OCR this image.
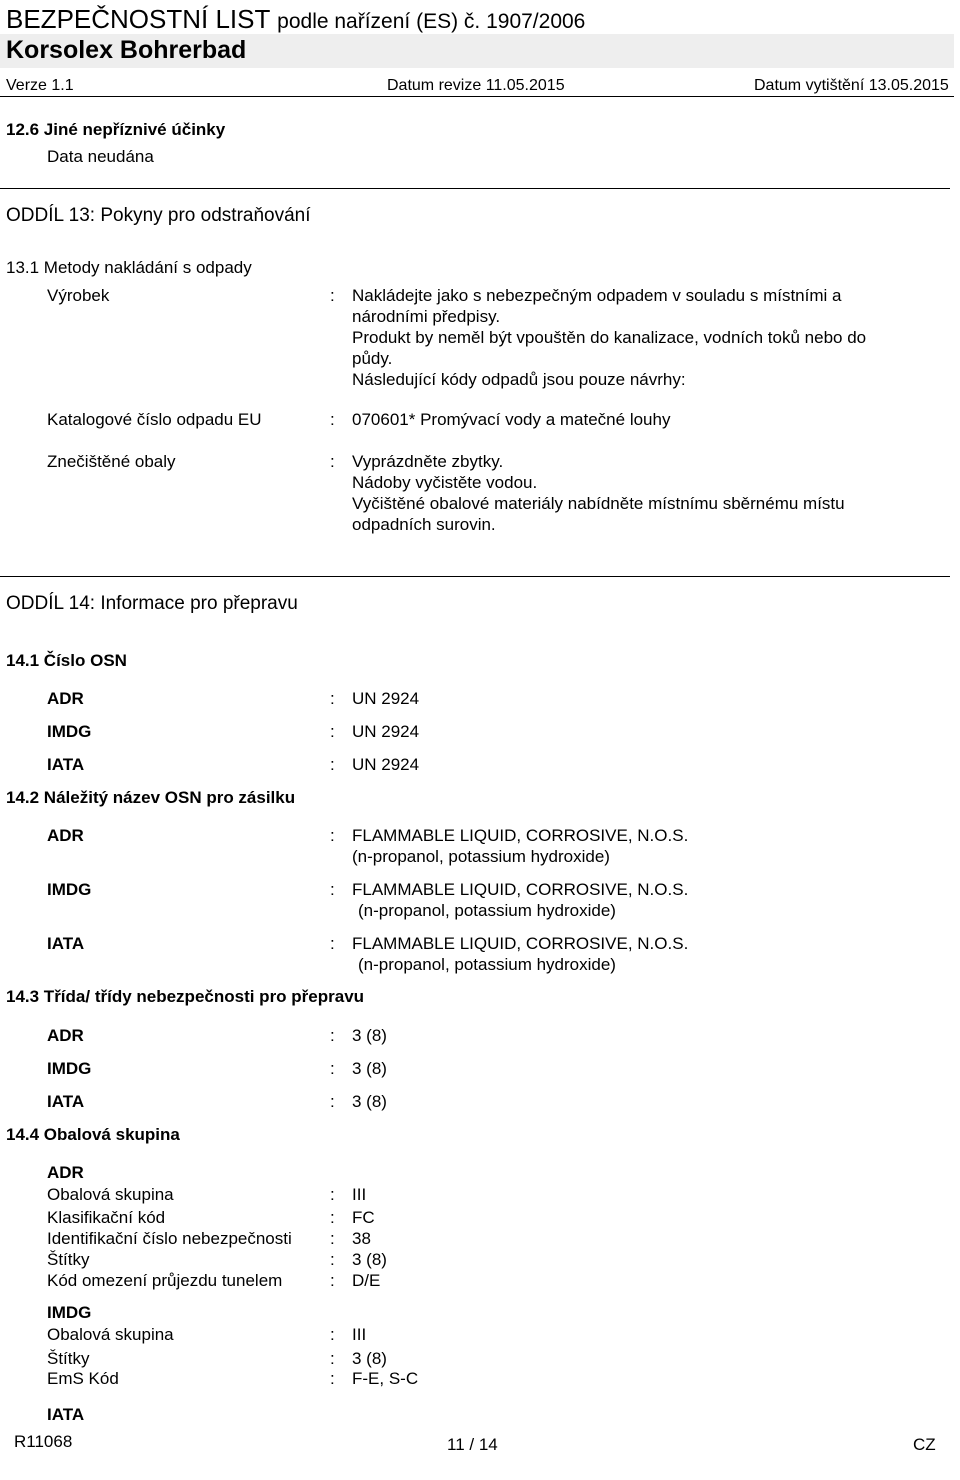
BEZPEČNOSTNÍ LIST podle nařízení (ES) č. 1907/2006
Korsolex Bohrerbad
Verze 1.1	Datum revize 11.05.2015	Datum vytištění 13.05.2015
12.6 Jiné nepříznivé účinky
Data neudána
ODDÍL 13: Pokyny pro odstraňování
13.1 Metody nakládání s odpady
Výrobek	: Nakládejte jako s nebezpečným odpadem v souladu s místními a
národními předpisy.
Produkt by neměl být vpouštěn do kanalizace, vodních toků nebo do
půdy.
Následující kódy odpadů jsou pouze návrhy:
Katalogové číslo odpadu EU	: 070601* Promývací vody a matečné louhy
Znečištěné obaly	: Vyprázdněte zbytky.
Nádoby vyčistěte vodou.
Vyčištěné obalové materiály nabídněte místnímu sběrnému místu
odpadních surovin.
ODDÍL 14: Informace pro přepravu
14.1 Číslo OSN
ADR	: UN 2924
IMDG	: UN 2924
IATA	: UN 2924
14.2 Náležitý název OSN pro zásilku
ADR	: FLAMMABLE LIQUID, CORROSIVE, N.O.S.
(n-propanol, potassium hydroxide)
IMDG	: FLAMMABLE LIQUID, CORROSIVE, N.O.S.
(n-propanol, potassium hydroxide)
IATA	: FLAMMABLE LIQUID, CORROSIVE, N.O.S.
(n-propanol, potassium hydroxide)
14.3 Třída/ třídy nebezpečnosti pro přepravu
ADR	: 3 (8)
IMDG	: 3 (8)
IATA	: 3 (8)
14.4 Obalová skupina
ADR
Obalová skupina	: III
Klasifikační kód	: FC
Identifikační číslo nebezpečnosti : 38
Štítky	: 3 (8)
Kód omezení průjezdu tunelem	: D/E
IMDG
Obalová skupina	: III
Štítky	: 3 (8)
EmS Kód	: F-E, S-C
IATA
R11068	11 / 14	CZ
